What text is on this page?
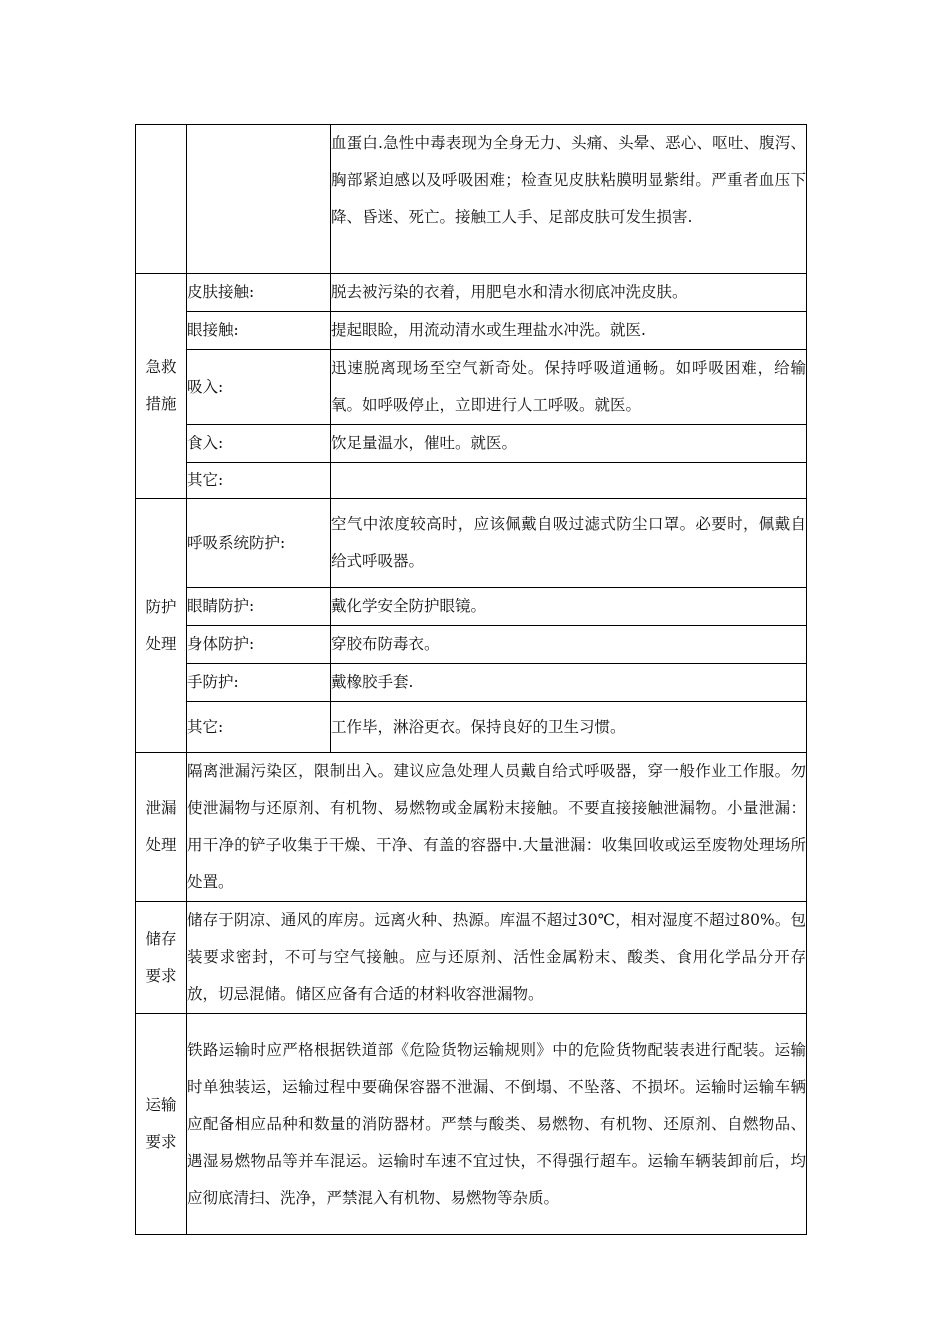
		血蛋白.急性中毒表现为全身无力、头痛、头晕、恶心、呕吐、腹泻、胸部紧迫感以及呼吸困难；检查见皮肤粘膜明显紫绀。严重者血压下降、昏迷、死亡。接触工人手、足部皮肤可发生损害.

急救
措施	皮肤接触:	脱去被污染的衣着，用肥皂水和清水彻底冲洗皮肤。
	眼接触:	提起眼睑，用流动清水或生理盐水冲洗。就医.
	吸入:	迅速脱离现场至空气新奇处。保持呼吸道通畅。如呼吸困难，给输氧。如呼吸停止，立即进行人工呼吸。就医。
	食入:	饮足量温水，催吐。就医。
	其它:	

防护
处理	呼吸系统防护:	空气中浓度较高时，应该佩戴自吸过滤式防尘口罩。必要时，佩戴自给式呼吸器。
	眼睛防护:	戴化学安全防护眼镜。
	身体防护:	穿胶布防毒衣。
	手防护:	戴橡胶手套.
	其它:	工作毕，淋浴更衣。保持良好的卫生习惯。

泄漏
处理	隔离泄漏污染区，限制出入。建议应急处理人员戴自给式呼吸器，穿一般作业工作服。勿使泄漏物与还原剂、有机物、易燃物或金属粉末接触。不要直接接触泄漏物。小量泄漏：用干净的铲子收集于干燥、干净、有盖的容器中.大量泄漏：收集回收或运至废物处理场所处置。	

储存
要求	储存于阴凉、通风的库房。远离火种、热源。库温不超过30℃，相对湿度不超过80%。包装要求密封，不可与空气接触。应与还原剂、活性金属粉末、酸类、食用化学品分开存放，切忌混储。储区应备有合适的材料收容泄漏物。	

运输
要求	铁路运输时应严格根据铁道部《危险货物运输规则》中的危险货物配装表进行配装。运输时单独装运，运输过程中要确保容器不泄漏、不倒塌、不坠落、不损坏。运输时运输车辆应配备相应品种和数量的消防器材。严禁与酸类、易燃物、有机物、还原剂、自燃物品、遇湿易燃物品等并车混运。运输时车速不宜过快，不得强行超车。运输车辆装卸前后，均应彻底清扫、洗净，严禁混入有机物、易燃物等杂质。	
